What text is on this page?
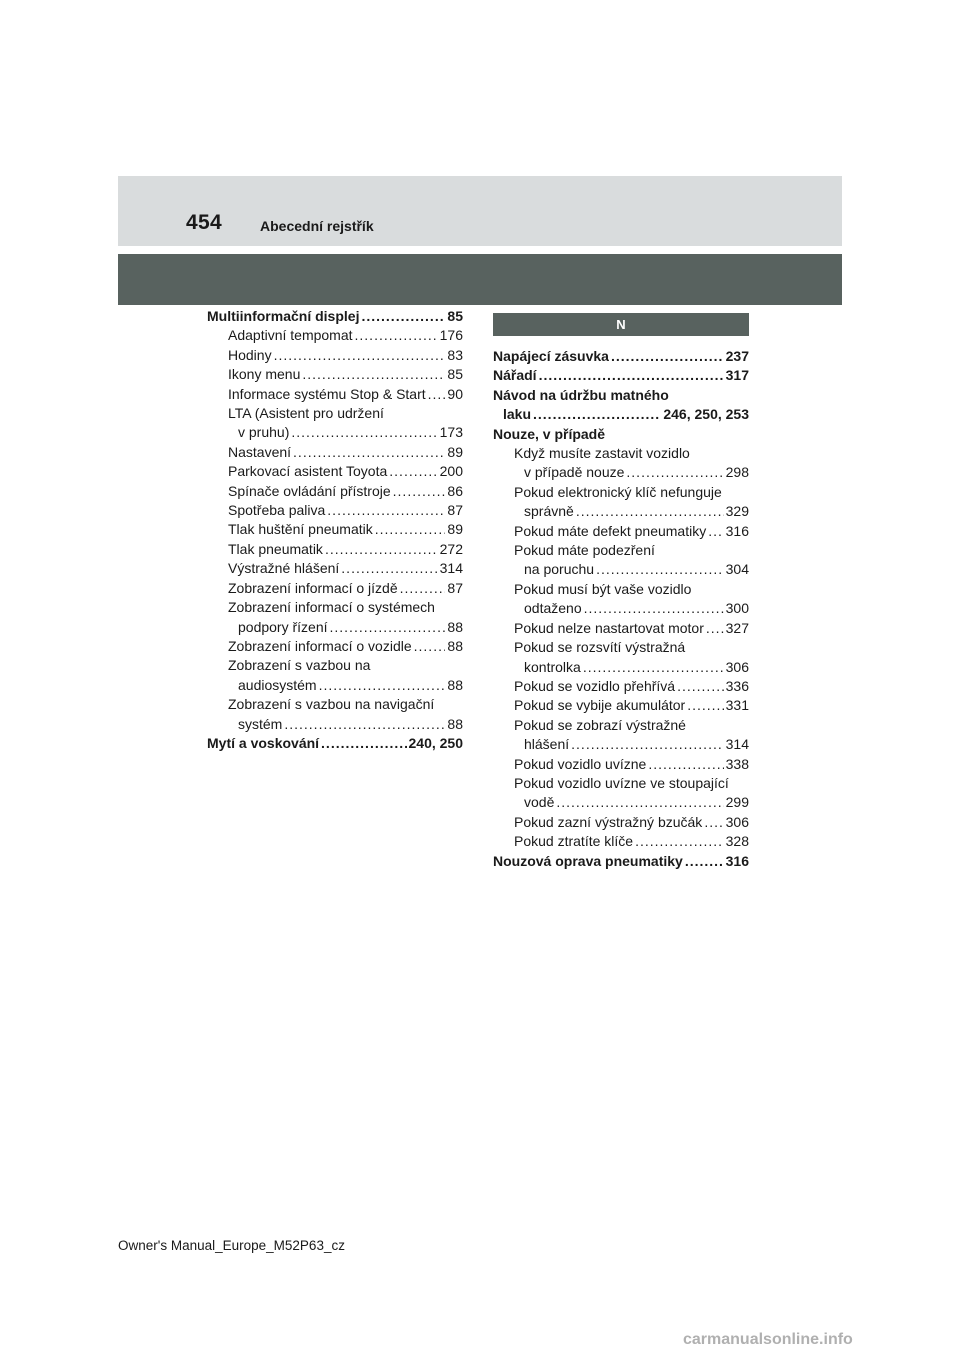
454	Abecední rejstřík
Multiinformační displej .....	85
Adaptivní tempomat .....	176
Hodiny .....	83
Ikony menu .....	85
Informace systému Stop & Start ..... 90
LTA (Asistent pro udržení
v pruhu) .....	173
Nastavení .....	89
Parkovací asistent Toyota .....	200
Spínače ovládání přístroje .....	86
Spotřeba paliva .....	87
Tlak huštění pneumatik .....	89
Tlak pneumatik .....	272
Výstražné hlášení .....	314
Zobrazení informací o jízdě .....	87
Zobrazení informací o systémech
podpory řízení .....	88
Zobrazení informací o vozidle .....	88
Zobrazení s vazbou na
audiosystém .....	88
Zobrazení s vazbou na navigační
systém .....	88
Mytí a voskování .....	240, 250
N
Napájecí zásuvka .....	237
Nářadí .....	317
Návod na údržbu matného
laku .....	246, 250, 253
Nouze, v případě
Když musíte zastavit vozidlo
v případě nouze .....	298
Pokud elektronický klíč nefunguje
správně .....	329
Pokud máte defekt pneumatiky ..... 316
Pokud máte podezření
na poruchu .....	304
Pokud musí být vaše vozidlo
odtaženo .....	300
Pokud nelze nastartovat motor ..... 327
Pokud se rozsvítí výstražná
kontrolka .....	306
Pokud se vozidlo přehřívá .....	336
Pokud se vybije akumulátor .....	331
Pokud se zobrazí výstražné
hlášení .....	314
Pokud vozidlo uvízne .....	338
Pokud vozidlo uvízne ve stoupající
vodě .....	299
Pokud zazní výstražný bzučák ..... 306
Pokud ztratíte klíče .....	328
Nouzová oprava pneumatiky .....	316
Owner's Manual_Europe_M52P63_cz
carmanualsonline.info
